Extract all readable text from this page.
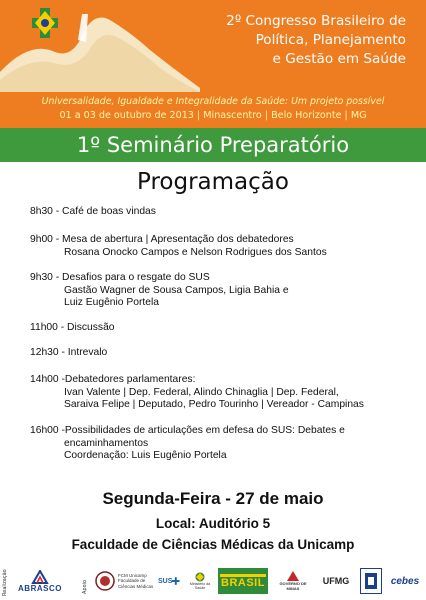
2º Congresso Brasileiro de
Política, Planejamento
e Gestão em Saúde
Universalidade, Igualdade e Integralidade da Saúde: Um projeto possível
01 a 03 de outubro de 2013 | Minascentro | Belo Horizonte | MG
1º Seminário Preparatório
Programação
8h30 - Café de boas vindas
9h00 - Mesa de abertura | Apresentação dos debatedores
Rosana Onocko Campos e Nelson Rodrigues dos Santos
9h30 - Desafios para o resgate do SUS
Gastão Wagner de Sousa Campos, Ligia Bahia e
Luiz Eugênio Portela
11h00 - Discussão
12h30 - Intrevalo
14h00 -Debatedores parlamentares:
Ivan Valente | Dep. Federal, Alindo Chinaglia | Dep. Federal,
Saraiva Felipe | Deputado, Pedro Tourinho | Vereador - Campinas
16h00 -Possibilidades de articulações em defesa do SUS: Debates e
encaminhamentos
Coordenação: Luis Eugênio Portela
Segunda-Feira - 27 de maio
Local: Auditório 5
Faculdade de Ciências Médicas da Unicamp
Realização ABRASCO	Apoio
FCM Unicamp Faculdade de Ciências Médicas
SUS	Ministério da Saúde	BRASIL	GOVERNO DE MINAS
UFMG	cebes
